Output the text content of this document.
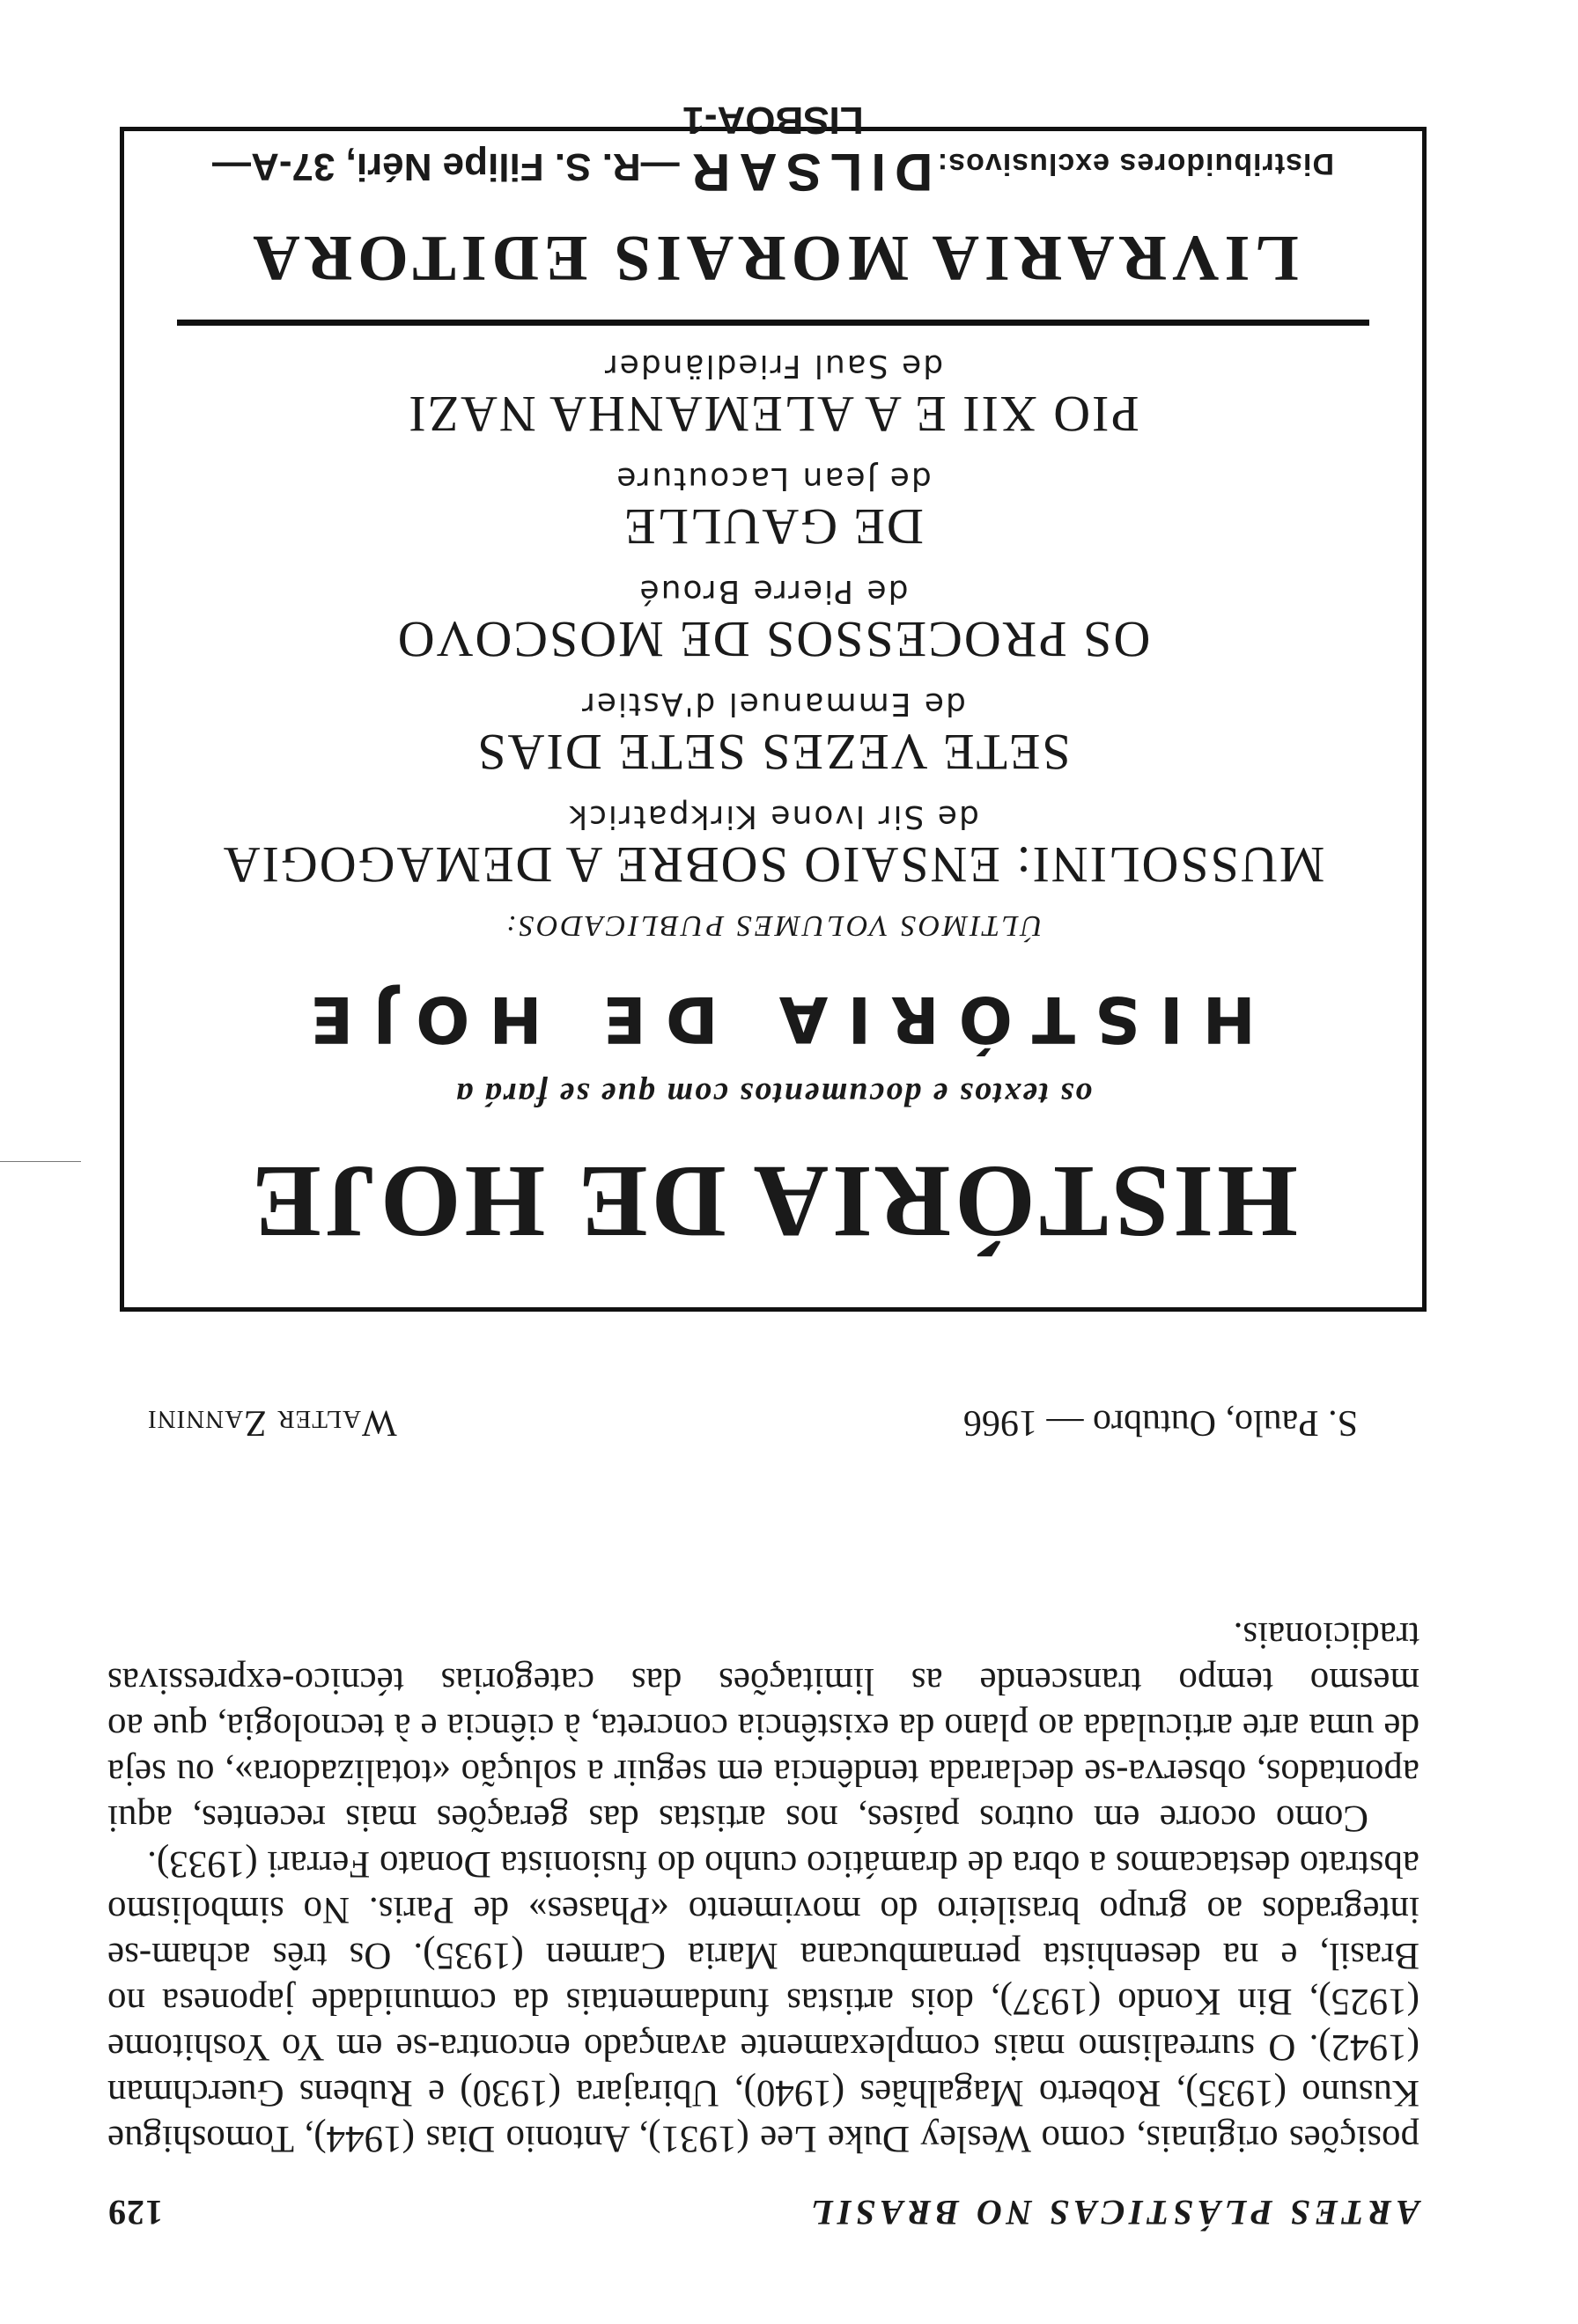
ARTES PLÁSTICAS NO BRASIL
129

posições originais, como Wesley Duke Lee (1931), Antonio Dias (1944), Tomoshigue Kusuno (1935), Roberto Magalhães (1940), Ubirajara (1930) e Rubens Guerchman (1942). O surrealismo mais complexamente avançado encontra-se em Yo Yoshitome (1925), Bin Kondo (1937), dois artistas fundamentais da comunidade japonesa no Brasil, e na desenhista pernambucana Maria Carmen (1935). Os três acham-se integrados ao grupo brasileiro do movimento «Phases» de Paris. No simbolismo abstrato destacamos a obra de dramático cunho do fusionista Donato Ferrari (1933).

Como ocorre em outros países, nos artistas das gerações mais recentes, aqui apontados, observa-se declarada tendência em seguir a solução «totalizadora», ou seja de uma arte articulada ao plano da existência concreta, à ciência e à tecnologia, que ao mesmo tempo transcende as limitações das categorias técnico-expressivas tradicionais.

S. Paulo, Outubro — 1966
Walter Zannini
HISTÓRIA DE HOJE
os textos e documentos com que se fará a
HISTÓRIA DE HOJE
ÚLTIMOS VOLUMES PUBLICADOS:
MUSSOLINI: ENSAIO SOBRE A DEMAGOGIA
de Sir Ivone Kirkpatrick
SETE VEZES SETE DIAS
de Emmanuel d'Astier
OS PROCESSOS DE MOSCOVO
de Pierre Broué
DE GAULLE
de Jean Lacouture
PIO XII E A ALEMANHA NAZI
de Saul Friedländer
LIVRARIA MORAIS EDITORA
Distribuidores exclusivos: DILSAR —R. S. Filipe Néri, 37-A—LISBOA-1
